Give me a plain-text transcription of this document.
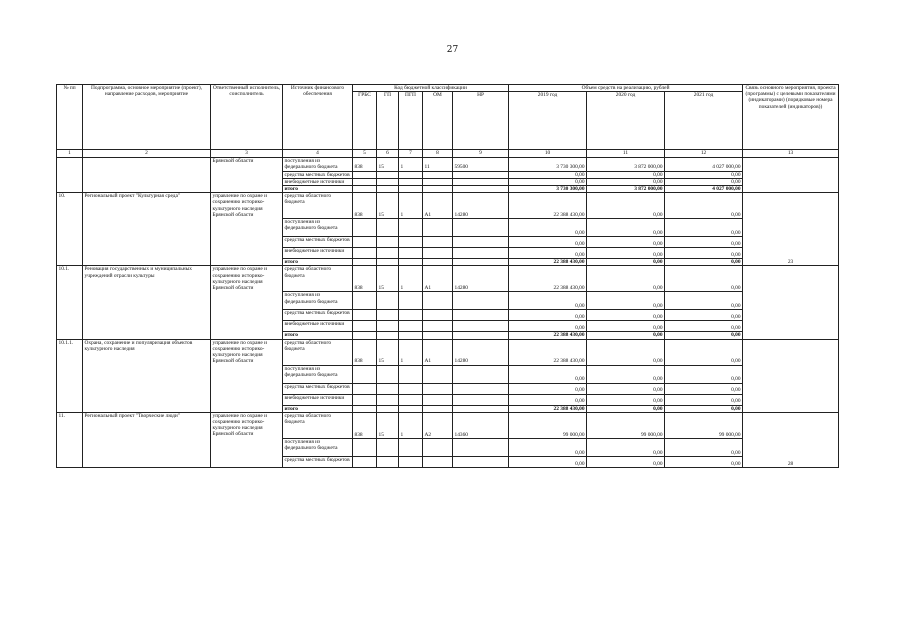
27
№ пп	Подпрограмма, основное мероприятие (проект), направление расходов, мероприятие	Ответственный исполнитель, соисполнитель	Источник финансового обеспечения	Код бюджетной классификации					Объем средств на реализацию, рублей			Связь основного мероприятия, проекта (программы) с целевыми показателями (индикаторами) (порядковые номера показателей (индикаторов))
				ГРБС	ГП	ПГП	ОМ	НР	2019 год	2020 год	2021 год	
1	2	3	4	5	6	7	8	9	10	11	12	13
		Брянской области	поступления из федерального бюджета	838	15	1	11	59500	3 730 300,00	3 872 000,00	4 027 000,00	
			средства местных бюджетов						0,00	0,00	0,00	
			внебюджетные источники						0,00	0,00	0,00	
			итого						3 730 300,00	3 872 000,00	4 027 000,00	
10.	Региональный проект "Культурная среда"	управление по охране и сохранению историко-культурного наследия Брянской области	средства областного бюджета	838	15	1	А1	14280	22 388 430,00	0,00	0,00	23
			поступления из федерального бюджета						0,00	0,00	0,00	
			средства местных бюджетов						0,00	0,00	0,00	
			внебюджетные источники						0,00	0,00	0,00	
			итого						22 388 430,00	0,00	0,00	
10.1.	Реновация государственных и муниципальных учреждений отрасли культуры	управление по охране и сохранению историко-культурного наследия Брянской области	средства областного бюджета	838	15	1	А1	14280	22 388 430,00	0,00	0,00	
			поступления из федерального бюджета						0,00	0,00	0,00	
			средства местных бюджетов						0,00	0,00	0,00	
			внебюджетные источники						0,00	0,00	0,00	
			итого						22 388 430,00	0,00	0,00	
10.1.1.	Охрана, сохранение и популяризация объектов культурного наследия	управление по охране и сохранению историко-культурного наследия Брянской области	средства областного бюджета	838	15	1	А1	14280	22 388 430,00	0,00	0,00	
			поступления из федерального бюджета						0,00	0,00	0,00	
			средства местных бюджетов						0,00	0,00	0,00	
			внебюджетные источники						0,00	0,00	0,00	
			итого						22 388 430,00	0,00	0,00	
11.	Региональный проект "Творческие люди"	управление по охране и сохранению историко-культурного наследия Брянской области	средства областного бюджета	838	15	1	А2	14360	99 000,00	99 000,00	99 000,00	28
			поступления из федерального бюджета						0,00	0,00	0,00	
			средства местных бюджетов						0,00	0,00	0,00	
